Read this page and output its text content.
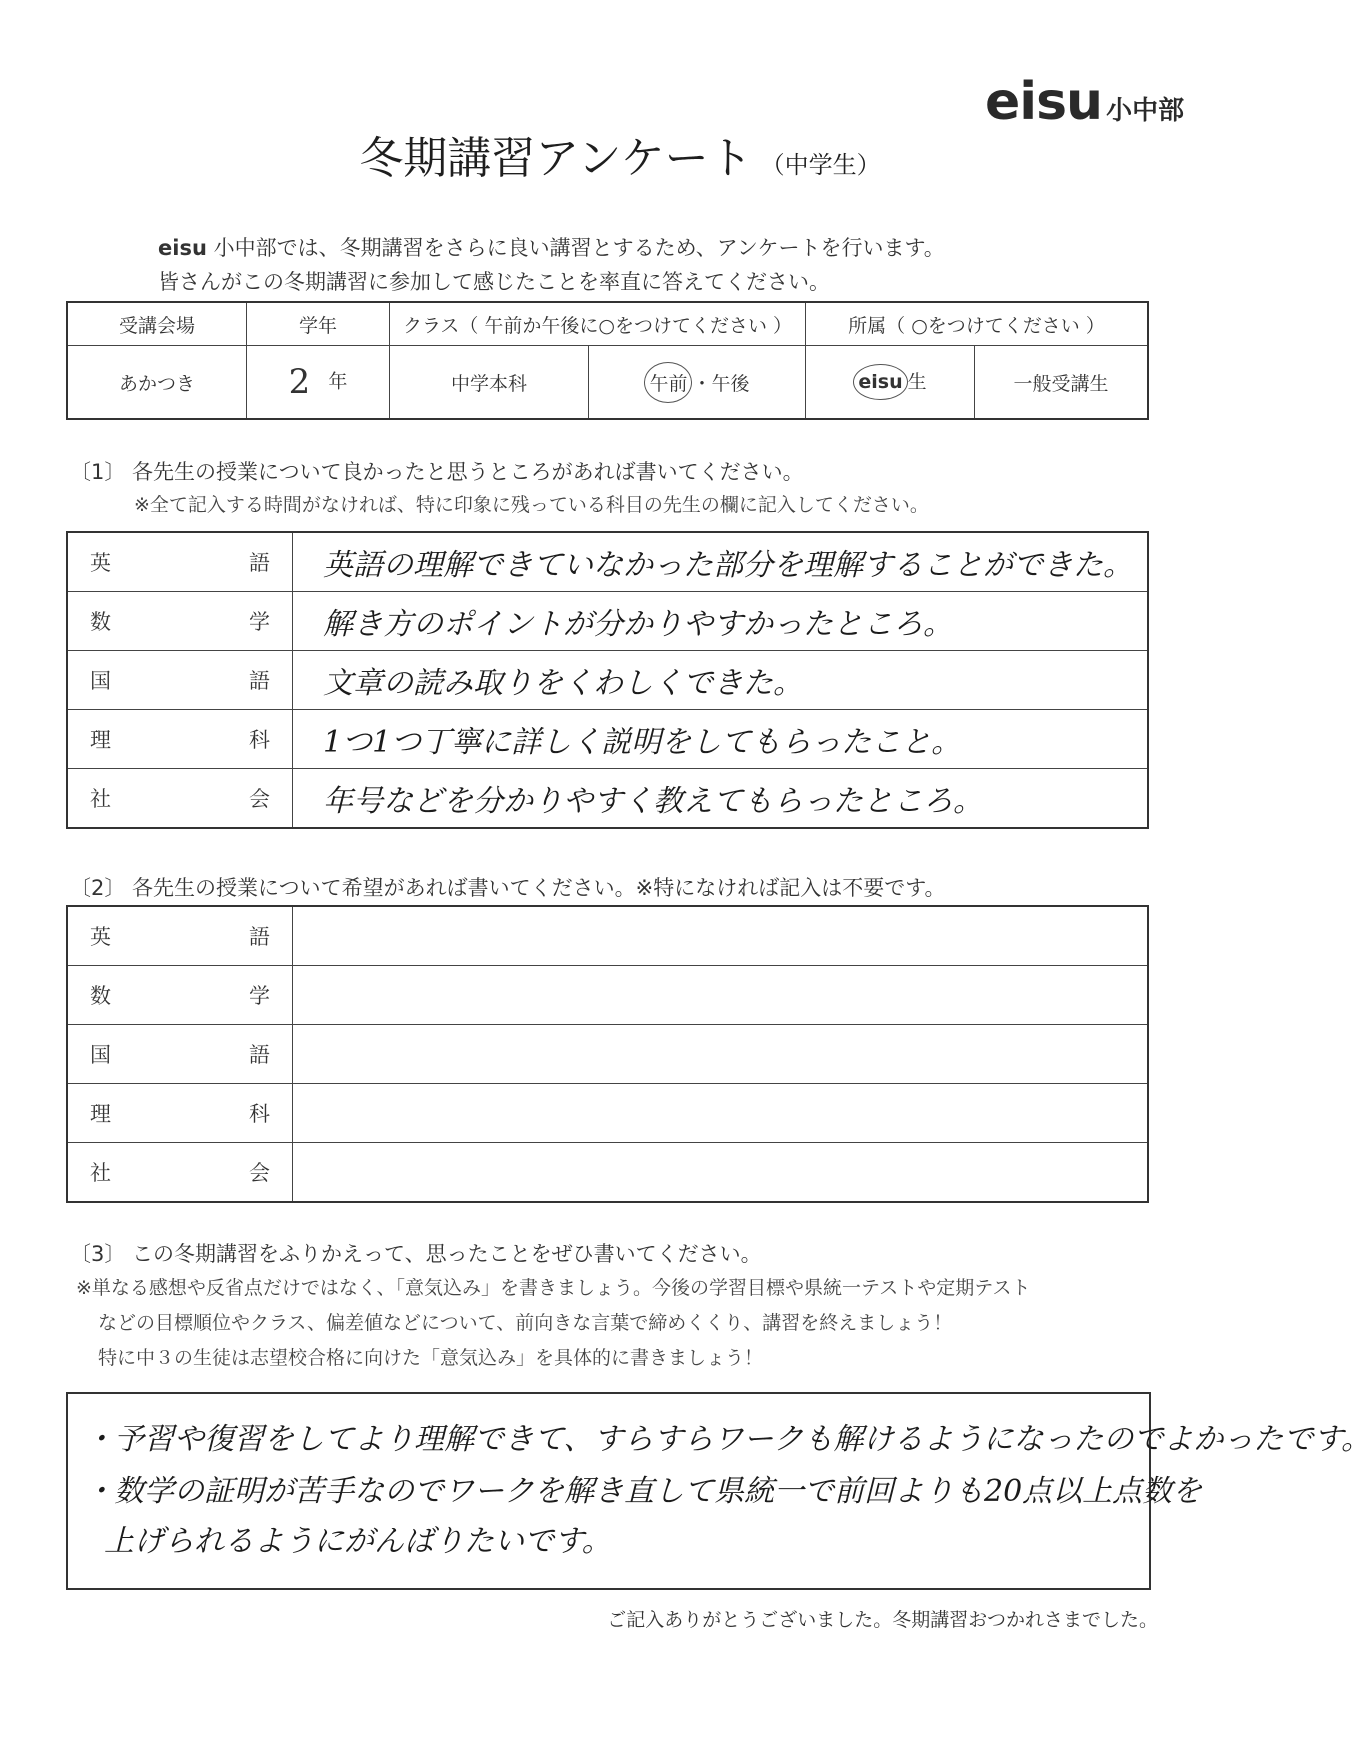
eisu 小中部
冬期講習アンケート （中学生）
eisu 小中部では、冬期講習をさらに良い講習とするため、アンケートを行います。
皆さんがこの冬期講習に参加して感じたことを率直に答えてください。
受講会場	学年	クラス（ 午前か午後に○をつけてください ）		所属（ ○をつけてください ）	
あかつき	2 年	中学本科	午前 ・午後	eisu 生	一般受講生
〔1〕 各先生の授業について良かったと思うところがあれば書いてください。
※全て記入する時間がなければ、特に印象に残っている科目の先生の欄に記入してください。
英 語	英語の理解できていなかった部分を理解することができた。

数 学	解き方のポイントが分かりやすかったところ。

国 語	文章の読み取りをくわしくできた。

理 科	1つ1つ丁寧に詳しく説明をしてもらったこと。

社 会	年号などを分かりやすく教えてもらったところ。
〔2〕 各先生の授業について希望があれば書いてください。※特になければ記入は不要です。
英 語	

数 学	

国 語	

理 科	

社 会	

〔3〕 この冬期講習をふりかえって、思ったことをぜひ書いてください。
※単なる感想や反省点だけではなく、「意気込み」を書きましょう。今後の学習目標や県統一テストや定期テスト
などの目標順位やクラス、偏差値などについて、前向きな言葉で締めくくり、講習を終えましょう！
特に中３の生徒は志望校合格に向けた「意気込み」を具体的に書きましょう！
・予習や復習をしてより理解できて、すらすらワークも解けるようになったのでよかったです。
・数学の証明が苦手なのでワークを解き直して県統一で前回よりも20点以上点数を
上げられるようにがんばりたいです。
ご記入ありがとうございました。冬期講習おつかれさまでした。
